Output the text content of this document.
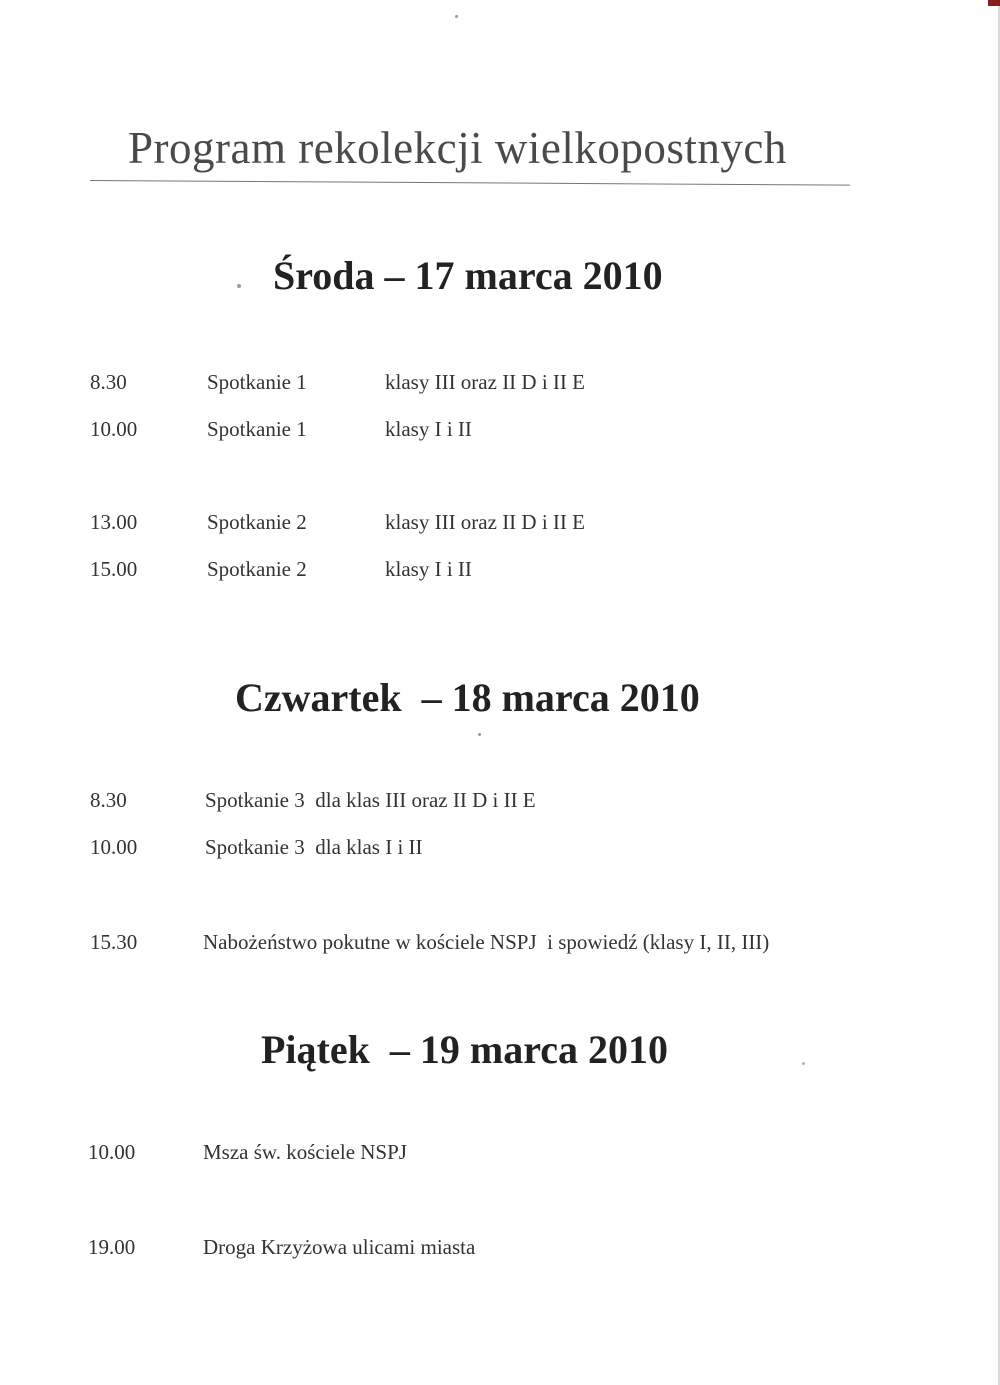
Program rekolekcji wielkopostnych
Środa – 17 marca 2010
8.30	Spotkanie 1	klasy III oraz II D i II E
10.00	Spotkanie 1	klasy I i II
13.00	Spotkanie 2	klasy III oraz II D i II E
15.00	Spotkanie 2	klasy I i II
Czwartek  – 18 marca 2010
8.30	Spotkanie 3  dla klas III oraz II D i II E
10.00	Spotkanie 3  dla klas I i II
15.30	Nabożeństwo pokutne w kościele NSPJ  i spowiedź (klasy I, II, III)
Piątek  – 19 marca 2010
10.00	Msza św. kościele NSPJ
19.00	Droga Krzyżowa ulicami miasta
